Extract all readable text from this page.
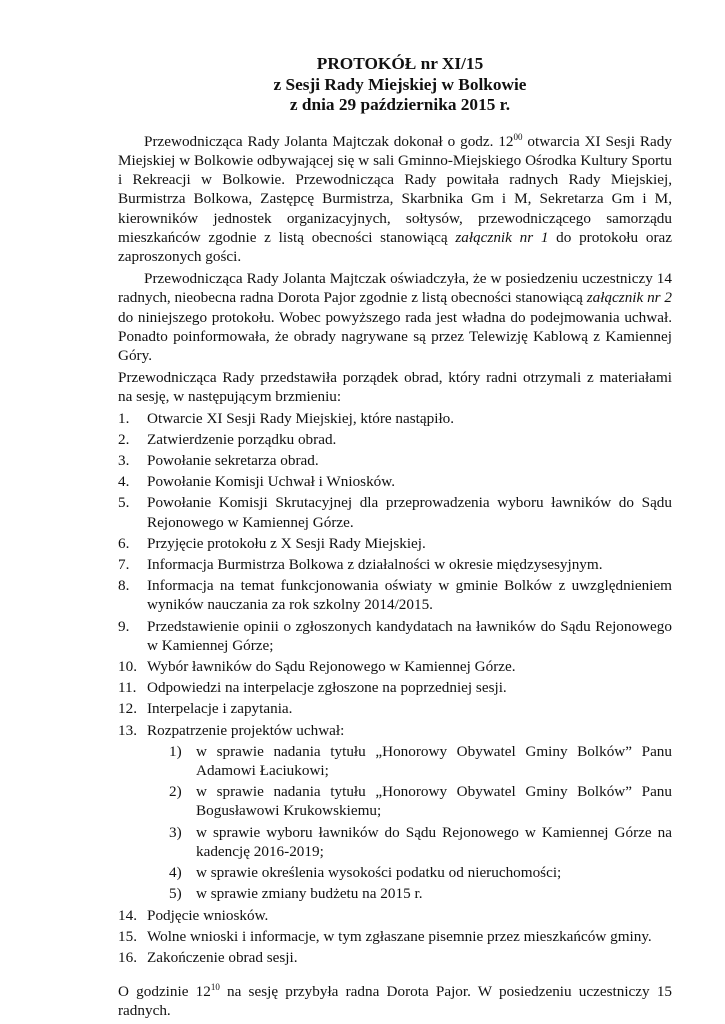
PROTOKÓŁ nr XI/15
z Sesji Rady Miejskiej w Bolkowie
z dnia 29 października 2015 r.

Przewodnicząca Rady Jolanta Majtczak dokonał o godz. $12^{00}$ otwarcia XI Sesji Rady Miejskiej w Bolkowie odbywającej się w sali Gminno-Miejskiego Ośrodka Kultury Sportu i Rekreacji w Bolkowie. Przewodnicząca Rady powitała radnych Rady Miejskiej, Burmistrza Bolkowa, Zastępcę Burmistrza, Skarbnika Gm i M, Sekretarza Gm i M, kierowników jednostek organizacyjnych, sołtysów, przewodniczącego samorządu mieszkańców zgodnie z listą obecności stanowiącą załącznik nr 1 do protokołu oraz zaproszonych gości.

Przewodnicząca Rady Jolanta Majtczak oświadczyła, że w posiedzeniu uczestniczy 14 radnych, nieobecna radna Dorota Pajor zgodnie z listą obecności stanowiącą załącznik nr 2 do niniejszego protokołu. Wobec powyższego rada jest władna do podejmowania uchwał. Ponadto poinformowała, że obrady nagrywane są przez Telewizję Kablową z Kamiennej Góry.

Przewodnicząca Rady przedstawiła porządek obrad, który radni otrzymali z materiałami na sesję, w następującym brzmieniu:

1. Otwarcie XI Sesji Rady Miejskiej, które nastąpiło.
2. Zatwierdzenie porządku obrad.
3. Powołanie sekretarza obrad.
4. Powołanie Komisji Uchwał i Wniosków.
5. Powołanie Komisji Skrutacyjnej dla przeprowadzenia wyboru ławników do Sądu Rejonowego w Kamiennej Górze.
6. Przyjęcie protokołu z X Sesji Rady Miejskiej.
7. Informacja Burmistrza Bolkowa z działalności w okresie międzysesyjnym.
8. Informacja na temat funkcjonowania oświaty w gminie Bolków z uwzględnieniem wyników nauczania za rok szkolny 2014/2015.
9. Przedstawienie opinii o zgłoszonych kandydatach na ławników do Sądu Rejonowego w Kamiennej Górze;
10. Wybór ławników do Sądu Rejonowego w Kamiennej Górze.
11. Odpowiedzi na interpelacje zgłoszone na poprzedniej sesji.
12. Interpelacje i zapytania.
13. Rozpatrzenie projektów uchwał:
1) w sprawie nadania tytułu „Honorowy Obywatel Gminy Bolków” Panu Adamowi Łaciukowi;
2) w sprawie nadania tytułu „Honorowy Obywatel Gminy Bolków” Panu Bogusławowi Krukowskiemu;
3) w sprawie wyboru ławników do Sądu Rejonowego w Kamiennej Górze na kadencję 2016-2019;
4) w sprawie określenia wysokości podatku od nieruchomości;
5) w sprawie zmiany budżetu na 2015 r.
14. Podjęcie wniosków.
15. Wolne wnioski i informacje, w tym zgłaszane pisemnie przez mieszkańców gminy.
16. Zakończenie obrad sesji.

O godzinie $12^{10}$ na sesję przybyła radna Dorota Pajor. W posiedzeniu uczestniczy 15 radnych.
